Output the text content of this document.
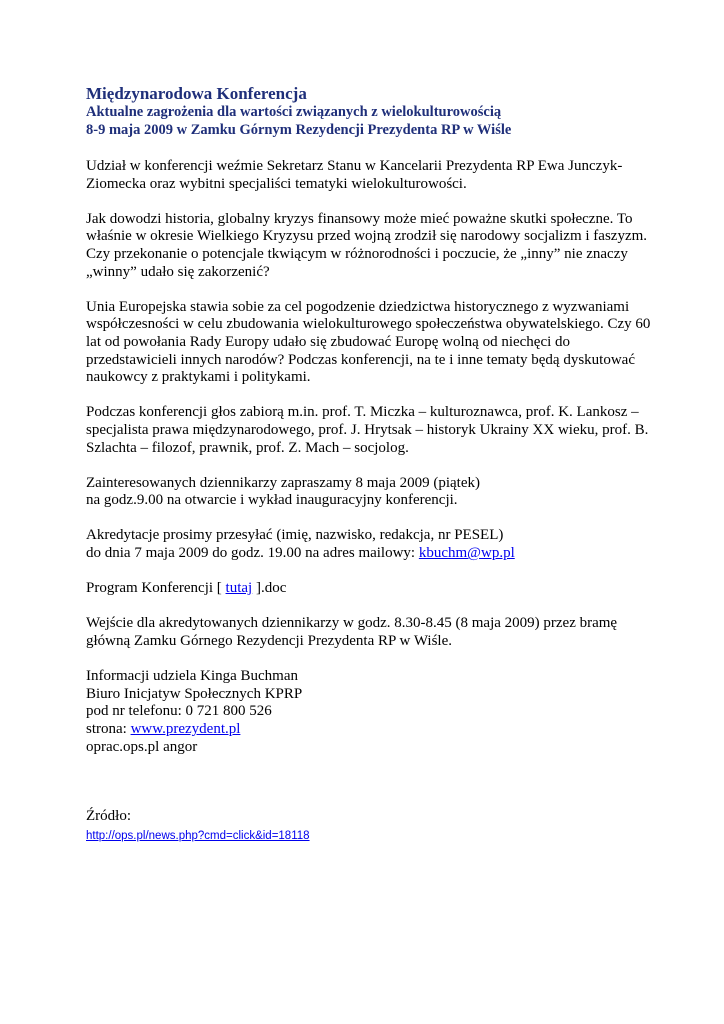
Międzynarodowa Konferencja
Aktualne zagrożenia dla wartości związanych z wielokulturowością
8-9 maja 2009 w Zamku Górnym Rezydencji Prezydenta RP w Wiśle
Udział w konferencji weźmie Sekretarz Stanu w Kancelarii Prezydenta RP Ewa Junczyk-
Ziomecka oraz wybitni specjaliści tematyki wielokulturowości.
Jak dowodzi historia, globalny kryzys finansowy może mieć poważne skutki społeczne. To
właśnie w okresie Wielkiego Kryzysu przed wojną zrodził się narodowy socjalizm i faszyzm.
Czy przekonanie o potencjale tkwiącym w różnorodności i poczucie, że „inny” nie znaczy
„winny” udało się zakorzenić?
Unia Europejska stawia sobie za cel pogodzenie dziedzictwa historycznego z wyzwaniami
współczesności w celu zbudowania wielokulturowego społeczeństwa obywatelskiego. Czy 60
lat od powołania Rady Europy udało się zbudować Europę wolną od niechęci do
przedstawicieli innych narodów? Podczas konferencji, na te i inne tematy będą dyskutować
naukowcy z praktykami i politykami.
Podczas konferencji głos zabiorą m.in. prof. T. Miczka – kulturoznawca, prof. K. Lankosz –
specjalista prawa międzynarodowego, prof. J. Hrytsak – historyk Ukrainy XX wieku, prof. B.
Szlachta – filozof, prawnik, prof. Z. Mach – socjolog.
Zainteresowanych dziennikarzy zapraszamy 8 maja 2009 (piątek)
na godz.9.00 na otwarcie i wykład inauguracyjny konferencji.
Akredytacje prosimy przesyłać (imię, nazwisko, redakcja, nr PESEL)
do dnia 7 maja 2009 do godz. 19.00 na adres mailowy: kbuchm@wp.pl
Program Konferencji [ tutaj ].doc
Wejście dla akredytowanych dziennikarzy w godz. 8.30-8.45 (8 maja 2009) przez bramę
główną Zamku Górnego Rezydencji Prezydenta RP w Wiśle.
Informacji udziela Kinga Buchman
Biuro Inicjatyw Społecznych KPRP
pod nr telefonu: 0 721 800 526
strona: www.prezydent.pl
oprac.ops.pl angor
Źródło:
http://ops.pl/news.php?cmd=click&id=18118
